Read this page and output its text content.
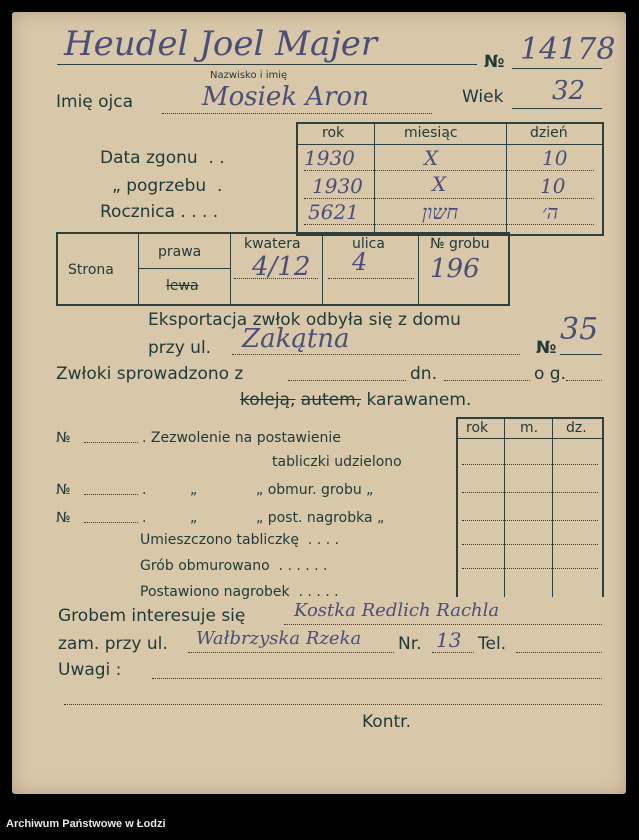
Heudel Joel Majer
Nazwisko i imię
№ 14178
Imię ojca	Mosiek Aron	Wiek 32
Data zgonu  . .
„ pogrzebu  .
Rocznica . . . .
rok	miesiąc	dzień
1930	X	10
1930	X	10
5621	חשון	ה׳
Strona
prawa
lewa
kwatera	ulica	№ grobu
4/12 4 196
Eksportacja zwłok odbyła się z domu
przy ul. Zakątna	№
35
Zwłoki sprowadzono z	dn.	o g.
koleją, autem, karawanem.
№	. Zezwolenie na postawienie
tabliczki udzielono
№	.	„	„ obmur. grobu „
№	.	„	„ post. nagrobka „
Umieszczono tabliczkę  . . . .
Grób obmurowano  . . . . . .
Postawiono nagrobek  . . . . .
rok m. dz.
Grobem interesuje się	Kostka Redlich Rachla
zam. przy ul. Wałbrzyska Rzeka Nr. 13 Tel.
Uwagi :
Kontr.
Archiwum Państwowe w Łodzi
